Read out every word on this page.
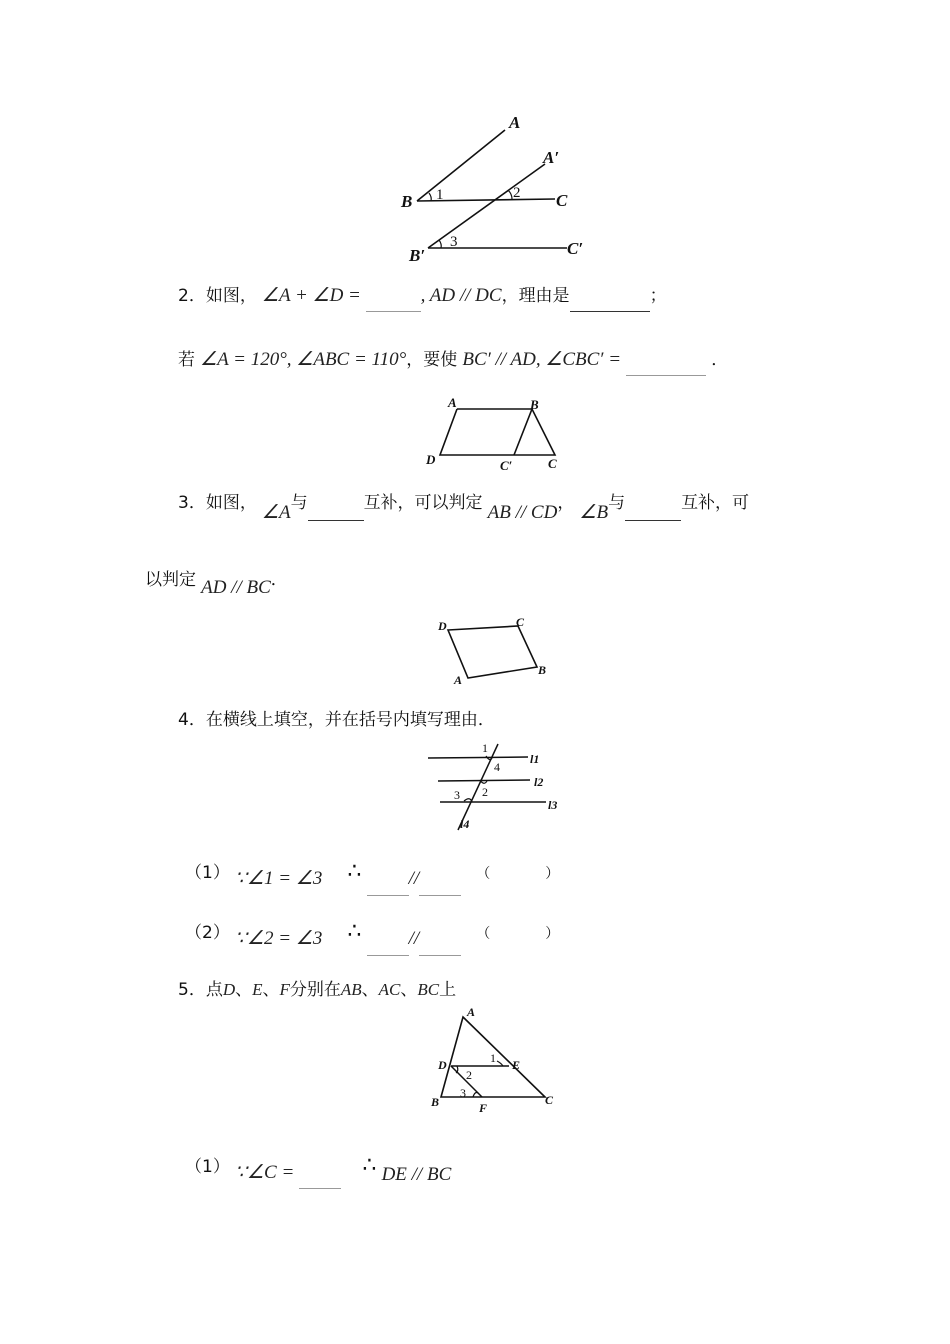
A
A′
B	C
B′	C′
1	2
3
2．如图， ∠A + ∠D =	, AD // DC，理由是	；
若 ∠A = 120°, ∠ABC = 110°，要使 BC′ // AD, ∠CBC′ =	．
A	B
C
D	C′
3．如图， ∠A与	互补，可以判定 AB // CD， ∠B与	互补，可
以判定 AD // BC．
D	C
B
A
4．在横线上填空，并在括号内填写理由．
1
4
2
3
l1
l2
l3
l4
（1） ∵∠1 = ∠3 ∴ //	（	）
（2） ∵∠2 = ∠3 ∴ //	（	）
5．点D、E、F分别在AB、AC、BC上
A
B	C
D	E
F
1
2
3
（1） ∵∠C =	∴ DE // BC
